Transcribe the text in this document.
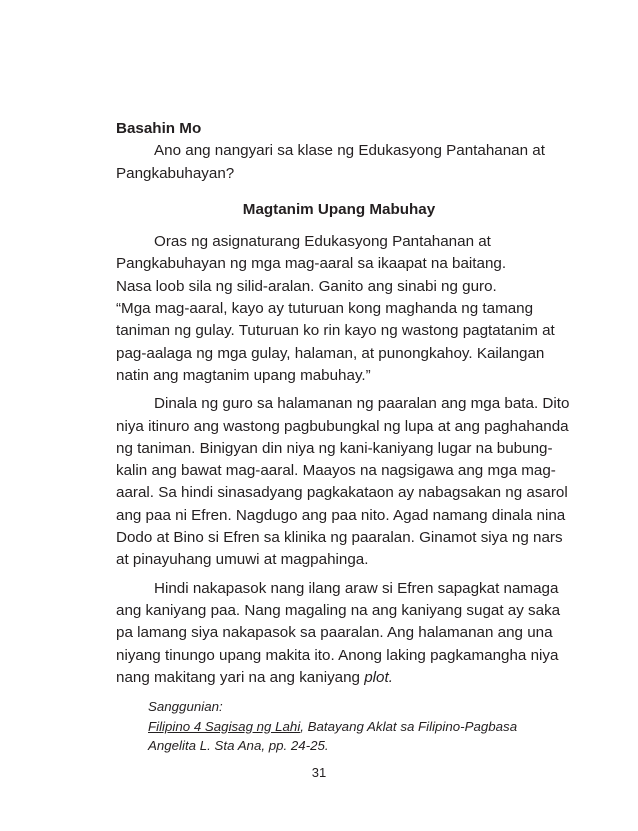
Basahin Mo

Ano ang nangyari sa klase ng Edukasyong Pantahanan at
Pangkabuhayan?

Magtanim Upang Mabuhay

Oras ng asignaturang Edukasyong Pantahanan at
Pangkabuhayan ng mga mag-aaral sa ikaapat na baitang.
Nasa loob sila ng silid-aralan. Ganito ang sinabi ng guro.
“Mga mag-aaral, kayo ay tuturuan kong maghanda ng tamang
taniman ng gulay. Tuturuan ko rin kayo ng wastong pagtatanim at
pag-aalaga ng mga gulay, halaman, at punongkahoy. Kailangan
natin ang magtanim upang mabuhay.”
Dinala ng guro sa halamanan ng paaralan ang mga bata. Dito
niya itinuro ang wastong pagbubungkal ng lupa at ang paghahanda
ng taniman. Binigyan din niya ng kani-kaniyang lugar na bubung-
kalin ang bawat mag-aaral. Maayos na nagsigawa ang mga mag-
aaral. Sa hindi sinasadyang pagkakataon ay nabagsakan ng asarol
ang paa ni Efren. Nagdugo ang paa nito. Agad namang dinala nina
Dodo at Bino si Efren sa klinika ng paaralan. Ginamot siya ng nars
at pinayuhang umuwi at magpahinga.
Hindi nakapasok nang ilang araw si Efren sapagkat namaga
ang kaniyang paa. Nang magaling na ang kaniyang sugat ay saka
pa lamang siya nakapasok sa paaralan. Ang halamanan ang una
niyang tinungo upang makita ito. Anong laking pagkamangha niya
nang makitang yari na ang kaniyang plot.
Sanggunian:
Filipino 4 Sagisag ng Lahi, Batayang Aklat sa Filipino-Pagbasa
Angelita L. Sta Ana, pp. 24-25.
31
